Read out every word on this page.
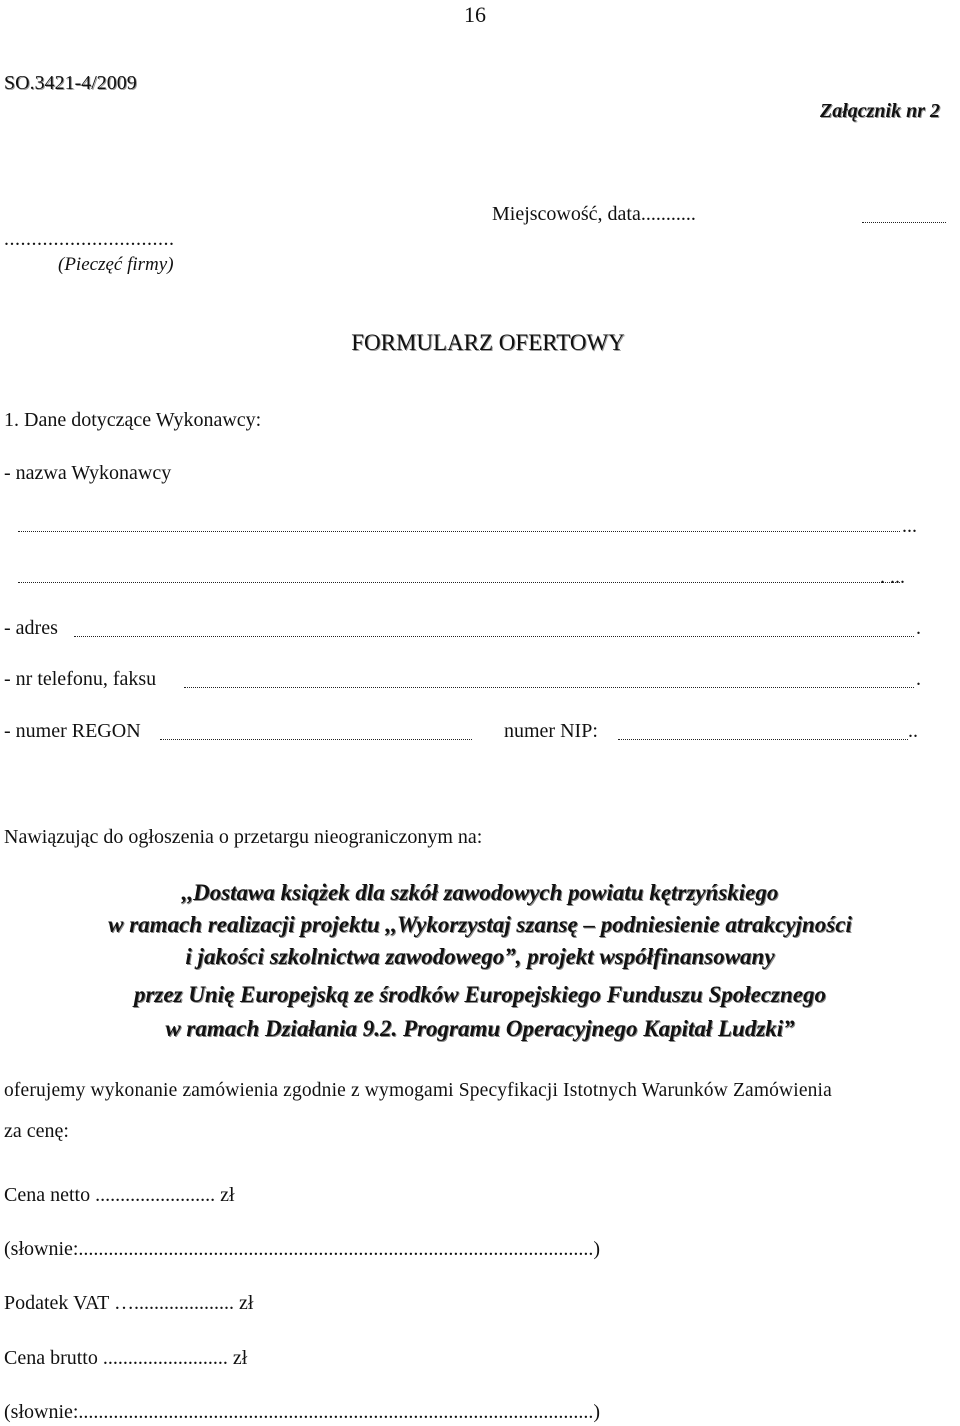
16
SO.3421-4/2009
Załącznik nr 2
Miejscowość, data...........
...............................
(Pieczęć firmy)
FORMULARZ OFERTOWY
1. Dane dotyczące Wykonawcy:
- nazwa Wykonawcy
...
. ...
- adres	.
- nr telefonu, faksu	.
- numer REGON	numer NIP:	..
Nawiązując do ogłoszenia o przetargu nieograniczonym na:
,,Dostawa książek dla szkół zawodowych powiatu kętrzyńskiego
w ramach realizacji projektu ,,Wykorzystaj szansę – podniesienie atrakcyjności
i jakości szkolnictwa zawodowego”, projekt współfinansowany
przez Unię Europejską ze środków Europejskiego Funduszu Społecznego
w ramach Działania 9.2. Programu Operacyjnego Kapitał Ludzki”
oferujemy wykonanie zamówienia zgodnie z wymogami Specyfikacji Istotnych Warunków Zamówienia
za cenę:
Cena netto ........................ zł
(słownie:.......................................................................................................)
Podatek VAT ….................... zł
Cena brutto ......................... zł
(słownie:.......................................................................................................)
